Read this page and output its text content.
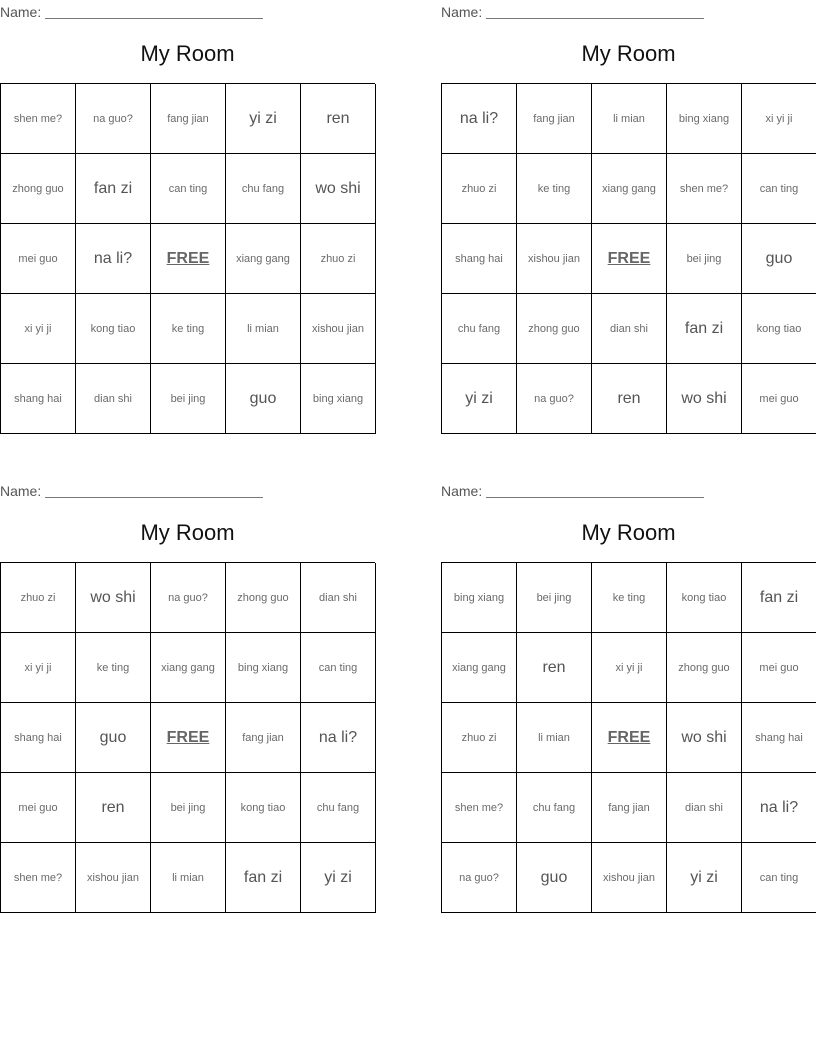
Name:
My Room
shen me?	na guo?	fang jian	yi zi	ren
zhong guo	fan zi	can ting	chu fang	wo shi
mei guo	na li?	FREE	xiang gang	zhuo zi
xi yi ji	kong tiao	ke ting	li mian	xishou jian
shang hai	dian shi	bei jing	guo	bing xiang
Name:
My Room
na li?	fang jian	li mian	bing xiang	xi yi ji
zhuo zi	ke ting	xiang gang	shen me?	can ting
shang hai	xishou jian	FREE	bei jing	guo
chu fang	zhong guo	dian shi	fan zi	kong tiao
yi zi	na guo?	ren	wo shi	mei guo
Name:
My Room
zhuo zi	wo shi	na guo?	zhong guo	dian shi
xi yi ji	ke ting	xiang gang	bing xiang	can ting
shang hai	guo	FREE	fang jian	na li?
mei guo	ren	bei jing	kong tiao	chu fang
shen me?	xishou jian	li mian	fan zi	yi zi
Name:
My Room
bing xiang	bei jing	ke ting	kong tiao	fan zi
xiang gang	ren	xi yi ji	zhong guo	mei guo
zhuo zi	li mian	FREE	wo shi	shang hai
shen me?	chu fang	fang jian	dian shi	na li?
na guo?	guo	xishou jian	yi zi	can ting
